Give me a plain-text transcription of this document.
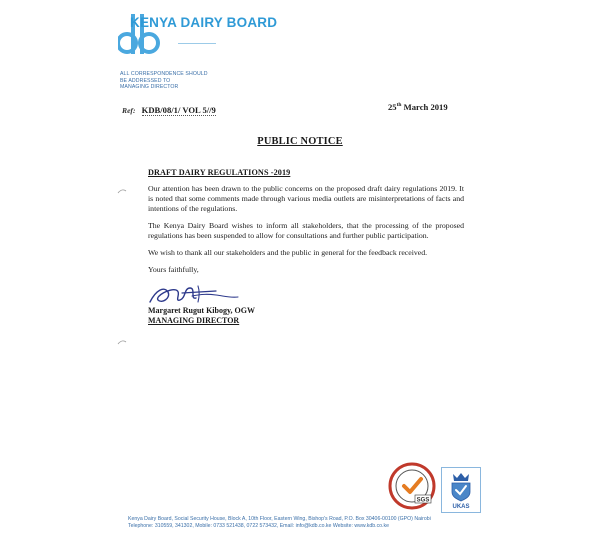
KENYA DAIRY BOARD
ALL CORRESPONDENCE SHOULD
BE ADDRESSED TO
MANAGING DIRECTOR
Ref: KDB/08/1/ VOL 5//9	25th March 2019
PUBLIC NOTICE
DRAFT DAIRY REGULATIONS -2019

Our attention has been drawn to the public concerns on the proposed draft dairy regulations 2019. It is noted that some comments made through various media outlets are misinterpretations of facts and intentions of the regulations.

The Kenya Dairy Board wishes to inform all stakeholders, that the processing of the proposed regulations has been suspended to allow for consultations and further public participation.

We wish to thank all our stakeholders and the public in general for the feedback received.

Yours faithfully,
Margaret Rugut Kibogy, OGW
MANAGING DIRECTOR
SGS
UKAS
Kenya Dairy Board, Social Security House, Block A, 10th Floor, Eastern Wing, Bishop's Road, P.O. Box 30406-00100 (GPO) Nairobi
Telephone: 310559, 341302, Mobile: 0733 521438, 0722 573432, Email: info@kdb.co.ke Website: www.kdb.co.ke
